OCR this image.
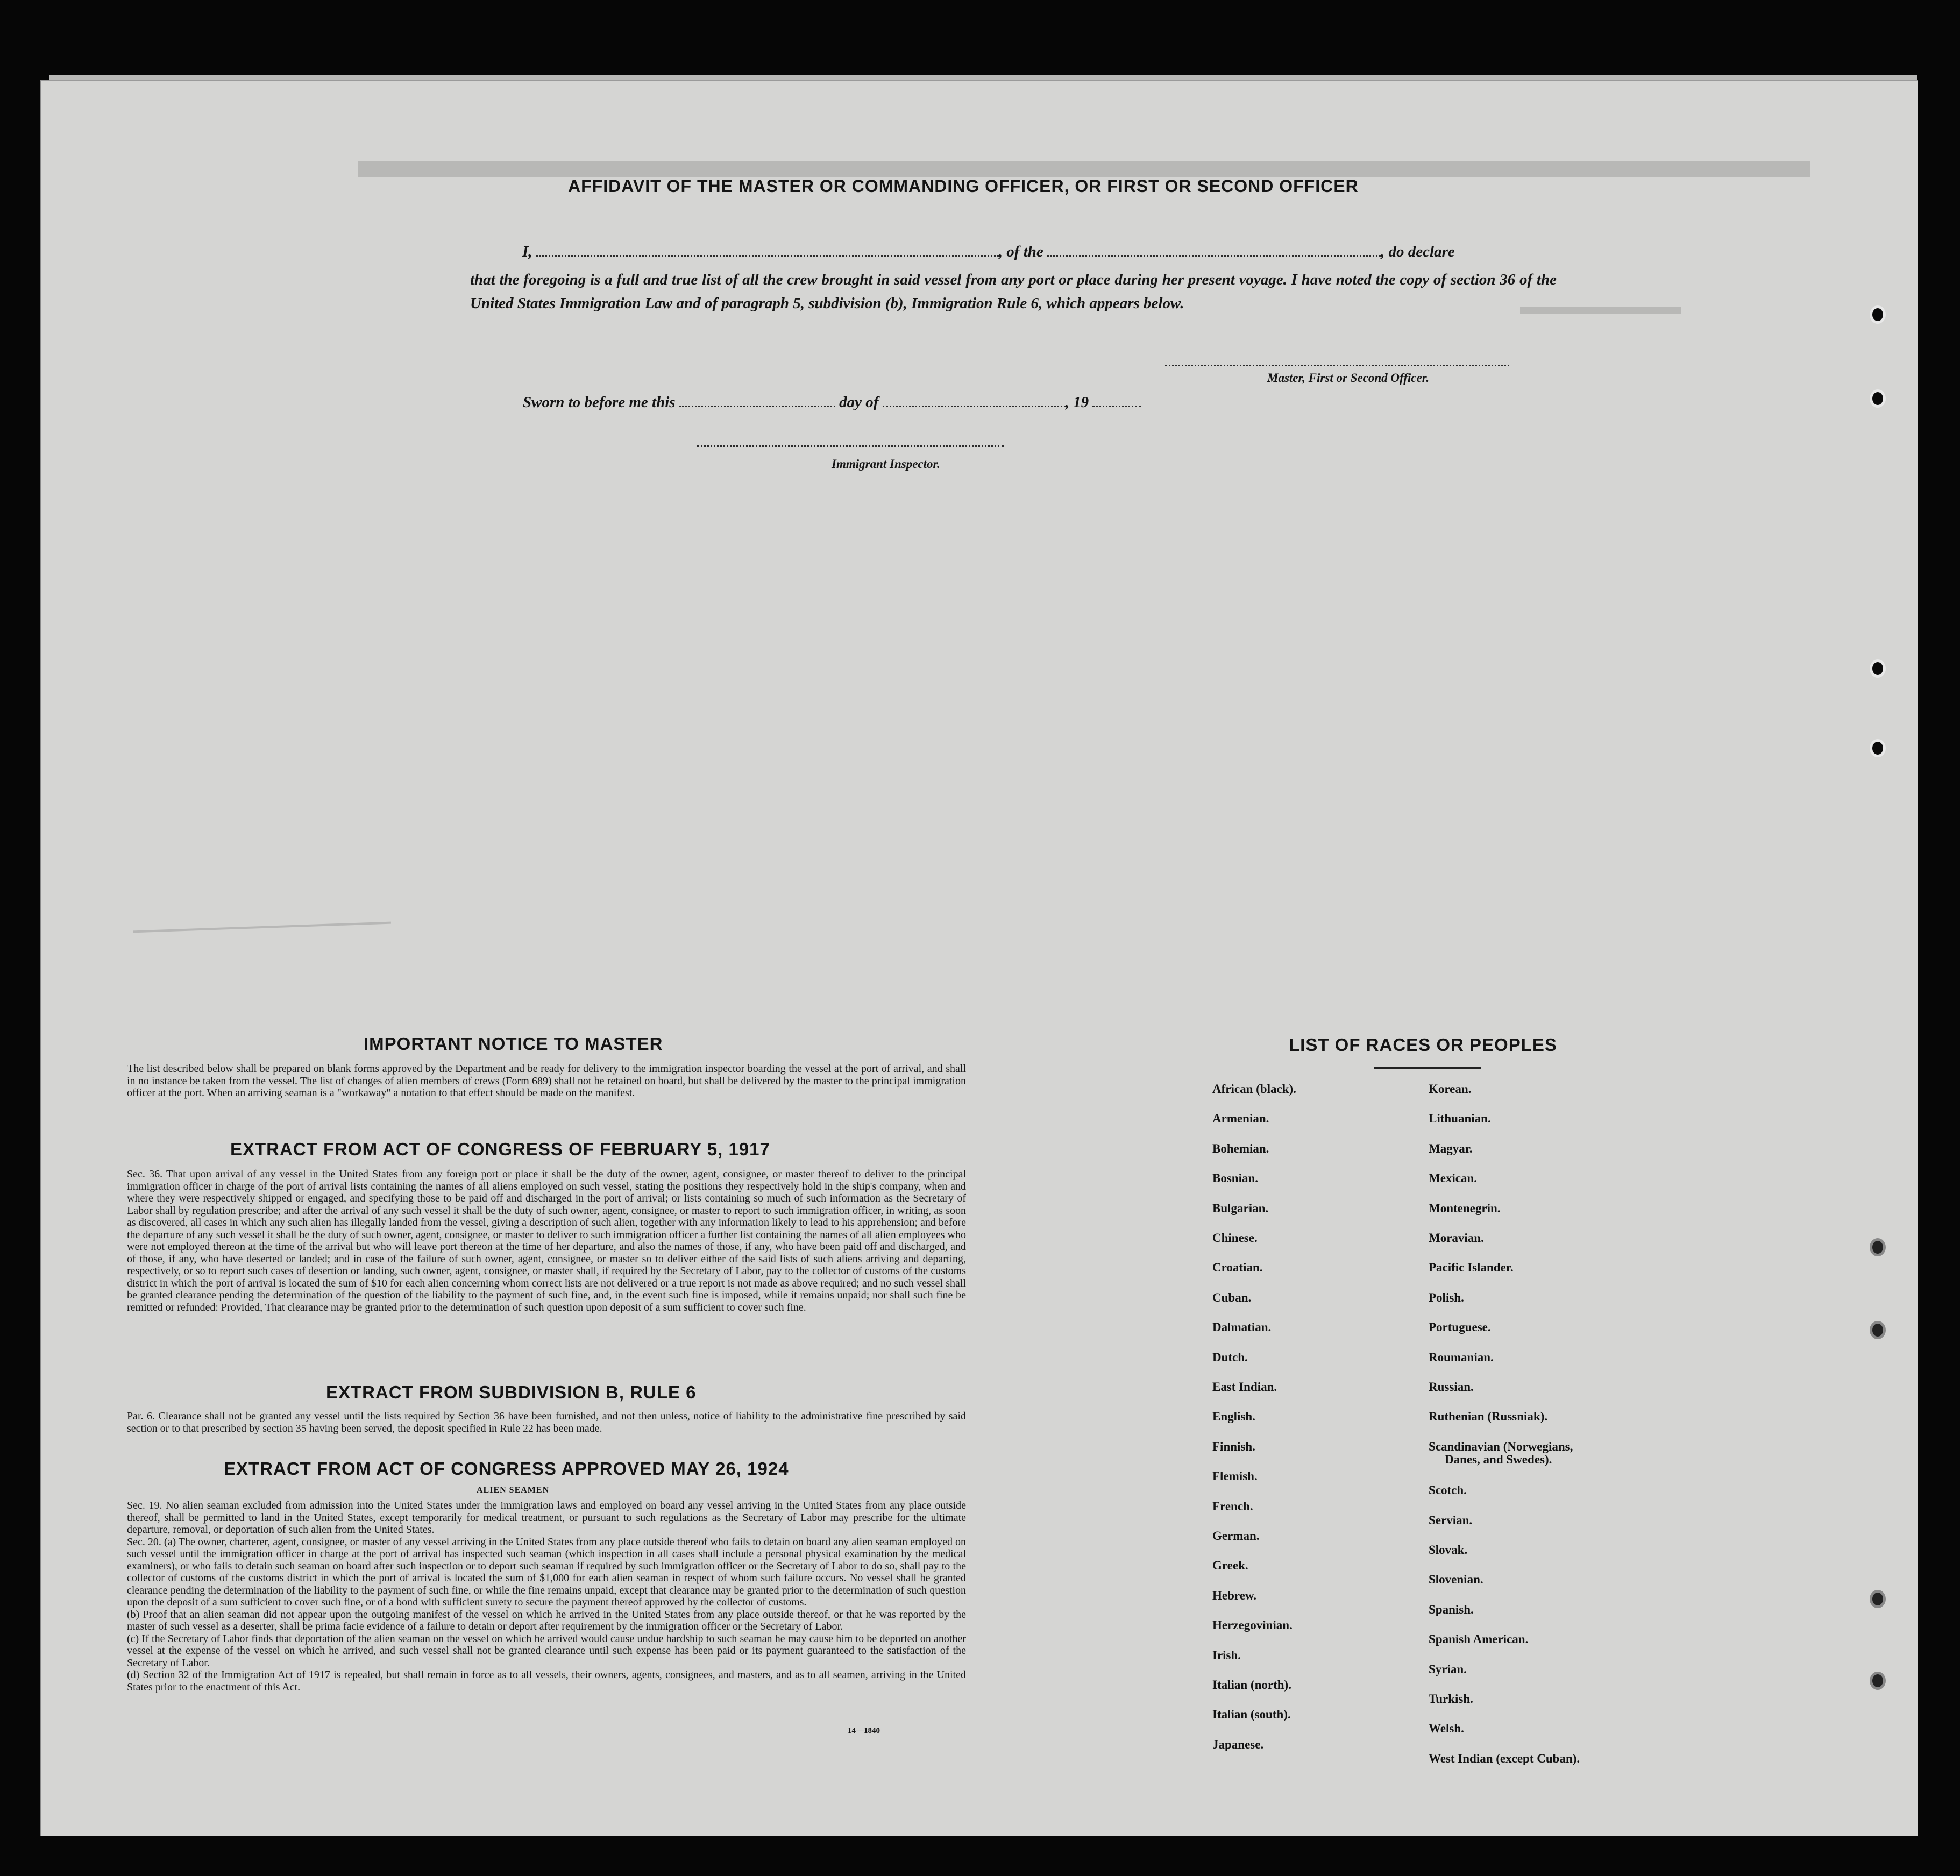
AFFIDAVIT OF THE MASTER OR COMMANDING OFFICER, OR FIRST OR SECOND OFFICER
I,	, of the	, do declare
that the foregoing is a full and true list of all the crew brought in said vessel from any port or place during her present voyage. I have noted the copy of section 36 of the United States Immigration Law and of paragraph 5, subdivision (b), Immigration Rule 6, which appears below.
Master, First or Second Officer.
Sworn to before me this	day of	, 19
Immigrant Inspector.
IMPORTANT NOTICE TO MASTER
The list described below shall be prepared on blank forms approved by the Department and be ready for delivery to the immigration inspector boarding the vessel at the port of arrival, and shall in no instance be taken from the vessel. The list of changes of alien members of crews (Form 689) shall not be retained on board, but shall be delivered by the master to the principal immigration officer at the port. When an arriving seaman is a "workaway" a notation to that effect should be made on the manifest.
EXTRACT FROM ACT OF CONGRESS OF FEBRUARY 5, 1917
Sec. 36. That upon arrival of any vessel in the United States from any foreign port or place it shall be the duty of the owner, agent, consignee, or master thereof to deliver to the principal immigration officer in charge of the port of arrival lists containing the names of all aliens employed on such vessel, stating the positions they respectively hold in the ship's company, when and where they were respectively shipped or engaged, and specifying those to be paid off and discharged in the port of arrival; or lists containing so much of such information as the Secretary of Labor shall by regulation prescribe; and after the arrival of any such vessel it shall be the duty of such owner, agent, consignee, or master to report to such immigration officer, in writing, as soon as discovered, all cases in which any such alien has illegally landed from the vessel, giving a description of such alien, together with any information likely to lead to his apprehension; and before the departure of any such vessel it shall be the duty of such owner, agent, consignee, or master to deliver to such immigration officer a further list containing the names of all alien employees who were not employed thereon at the time of the arrival but who will leave port thereon at the time of her departure, and also the names of those, if any, who have been paid off and discharged, and of those, if any, who have deserted or landed; and in case of the failure of such owner, agent, consignee, or master so to deliver either of the said lists of such aliens arriving and departing, respectively, or so to report such cases of desertion or landing, such owner, agent, consignee, or master shall, if required by the Secretary of Labor, pay to the collector of customs of the customs district in which the port of arrival is located the sum of $10 for each alien concerning whom correct lists are not delivered or a true report is not made as above required; and no such vessel shall be granted clearance pending the determination of the question of the liability to the payment of such fine, and, in the event such fine is imposed, while it remains unpaid; nor shall such fine be remitted or refunded: Provided, That clearance may be granted prior to the determination of such question upon deposit of a sum sufficient to cover such fine.
EXTRACT FROM SUBDIVISION B, RULE 6
Par. 6. Clearance shall not be granted any vessel until the lists required by Section 36 have been furnished, and not then unless, notice of liability to the administrative fine prescribed by said section or to that prescribed by section 35 having been served, the deposit specified in Rule 22 has been made.
EXTRACT FROM ACT OF CONGRESS APPROVED MAY 26, 1924
ALIEN SEAMEN
Sec. 19. No alien seaman excluded from admission into the United States under the immigration laws and employed on board any vessel arriving in the United States from any place outside thereof, shall be permitted to land in the United States, except temporarily for medical treatment, or pursuant to such regulations as the Secretary of Labor may prescribe for the ultimate departure, removal, or deportation of such alien from the United States.
Sec. 20. (a) The owner, charterer, agent, consignee, or master of any vessel arriving in the United States from any place outside thereof who fails to detain on board any alien seaman employed on such vessel until the immigration officer in charge at the port of arrival has inspected such seaman (which inspection in all cases shall include a personal physical examination by the medical examiners), or who fails to detain such seaman on board after such inspection or to deport such seaman if required by such immigration officer or the Secretary of Labor to do so, shall pay to the collector of customs of the customs district in which the port of arrival is located the sum of $1,000 for each alien seaman in respect of whom such failure occurs. No vessel shall be granted clearance pending the determination of the liability to the payment of such fine, or while the fine remains unpaid, except that clearance may be granted prior to the determination of such question upon the deposit of a sum sufficient to cover such fine, or of a bond with sufficient surety to secure the payment thereof approved by the collector of customs.
(b) Proof that an alien seaman did not appear upon the outgoing manifest of the vessel on which he arrived in the United States from any place outside thereof, or that he was reported by the master of such vessel as a deserter, shall be prima facie evidence of a failure to detain or deport after requirement by the immigration officer or the Secretary of Labor.
(c) If the Secretary of Labor finds that deportation of the alien seaman on the vessel on which he arrived would cause undue hardship to such seaman he may cause him to be deported on another vessel at the expense of the vessel on which he arrived, and such vessel shall not be granted clearance until such expense has been paid or its payment guaranteed to the satisfaction of the Secretary of Labor.
(d) Section 32 of the Immigration Act of 1917 is repealed, but shall remain in force as to all vessels, their owners, agents, consignees, and masters, and as to all seamen, arriving in the United States prior to the enactment of this Act.
14—1840
LIST OF RACES OR PEOPLES
African (black).
Armenian.
Bohemian.
Bosnian.
Bulgarian.
Chinese.
Croatian.
Cuban.
Dalmatian.
Dutch.
East Indian.
English.
Finnish.
Flemish.
French.
German.
Greek.
Hebrew.
Herzegovinian.
Irish.
Italian (north).
Italian (south).
Japanese.
Korean.
Lithuanian.
Magyar.
Mexican.
Montenegrin.
Moravian.
Pacific Islander.
Polish.
Portuguese.
Roumanian.
Russian.
Ruthenian (Russniak).
Scandinavian (Norwegians,
Danes, and Swedes).
Scotch.
Servian.
Slovak.
Slovenian.
Spanish.
Spanish American.
Syrian.
Turkish.
Welsh.
West Indian (except Cuban).
